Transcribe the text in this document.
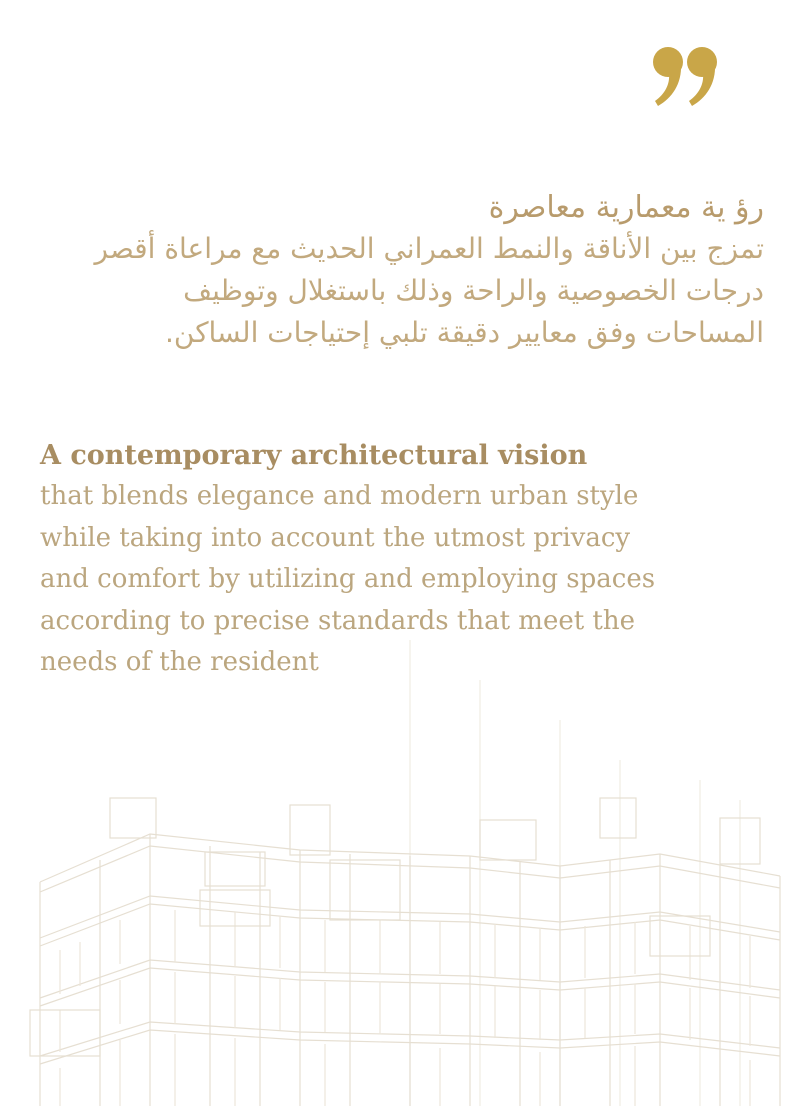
رؤ ية معمارية معاصرة

تمزج بين الأناقة والنمط العمراني الحديث مع مراعاة أقصر

درجات الخصوصية والراحة وذلك باستغلال وتوظيف

المساحات وفق معايير دقيقة تلبي إحتياجات الساكن.

A contemporary architectural vision

that blends elegance and modern urban style

while taking into account the utmost privacy

and comfort by utilizing and employing spaces

according to precise standards that meet the

needs of the resident
